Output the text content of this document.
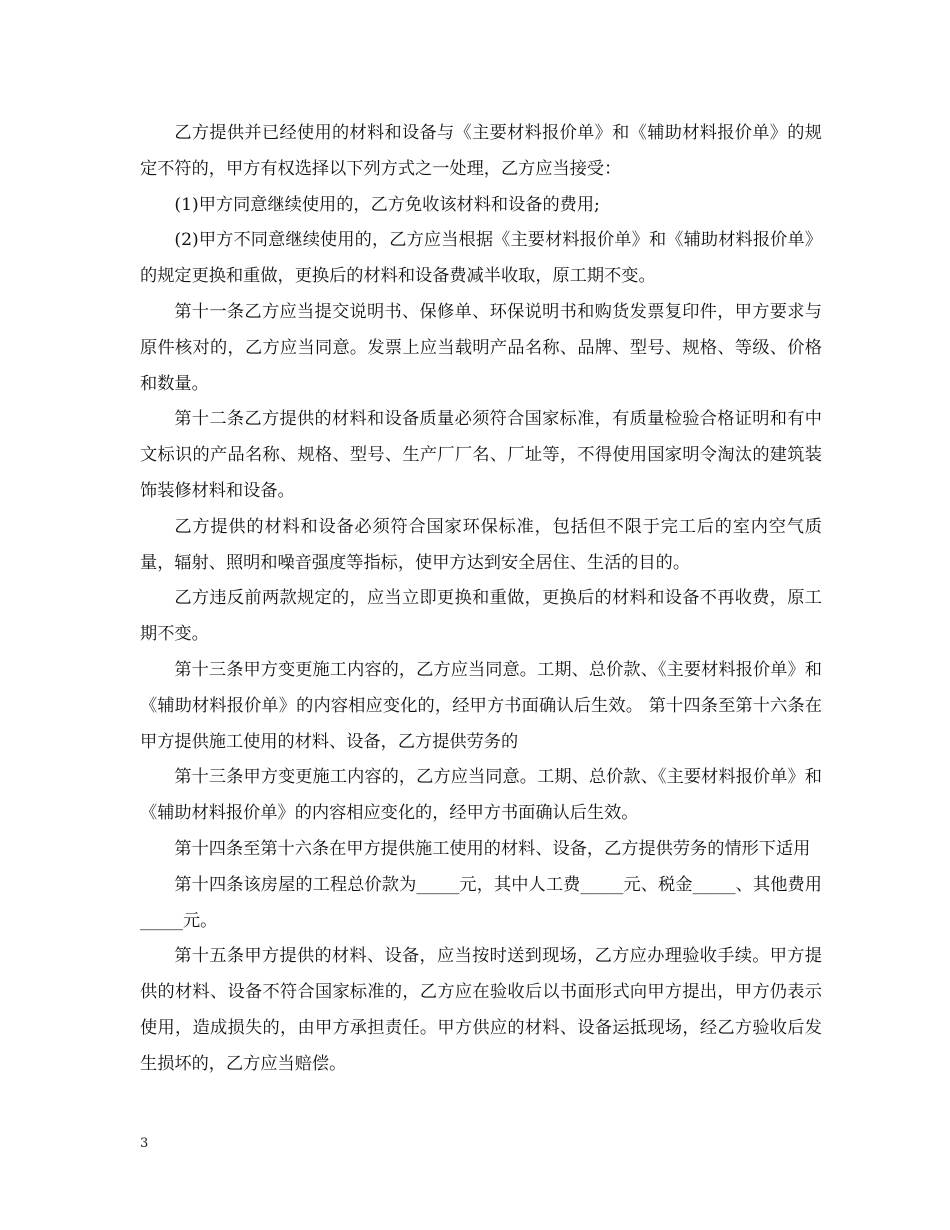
乙方提供并已经使用的材料和设备与《主要材料报价单》和《辅助材料报价单》的规定不符的，甲方有权选择以下列方式之一处理，乙方应当接受：

(1)甲方同意继续使用的，乙方免收该材料和设备的费用;

(2)甲方不同意继续使用的，乙方应当根据《主要材料报价单》和《辅助材料报价单》的规定更换和重做，更换后的材料和设备费减半收取，原工期不变。

第十一条乙方应当提交说明书、保修单、环保说明书和购货发票复印件，甲方要求与原件核对的，乙方应当同意。发票上应当载明产品名称、品牌、型号、规格、等级、价格和数量。

第十二条乙方提供的材料和设备质量必须符合国家标准，有质量检验合格证明和有中文标识的产品名称、规格、型号、生产厂厂名、厂址等，不得使用国家明令淘汰的建筑装饰装修材料和设备。

乙方提供的材料和设备必须符合国家环保标准，包括但不限于完工后的室内空气质量，辐射、照明和噪音强度等指标，使甲方达到安全居住、生活的目的。

乙方违反前两款规定的，应当立即更换和重做，更换后的材料和设备不再收费，原工期不变。

第十三条甲方变更施工内容的，乙方应当同意。工期、总价款、《主要材料报价单》和《辅助材料报价单》的内容相应变化的，经甲方书面确认后生效。 第十四条至第十六条在甲方提供施工使用的材料、设备，乙方提供劳务的

第十三条甲方变更施工内容的，乙方应当同意。工期、总价款、《主要材料报价单》和《辅助材料报价单》的内容相应变化的，经甲方书面确认后生效。

第十四条至第十六条在甲方提供施工使用的材料、设备，乙方提供劳务的情形下适用

第十四条该房屋的工程总价款为_____元，其中人工费_____元、税金_____、其他费用_____元。

第十五条甲方提供的材料、设备，应当按时送到现场，乙方应办理验收手续。甲方提供的材料、设备不符合国家标准的，乙方应在验收后以书面形式向甲方提出，甲方仍表示使用，造成损失的，由甲方承担责任。甲方供应的材料、设备运抵现场，经乙方验收后发生损坏的，乙方应当赔偿。

3
